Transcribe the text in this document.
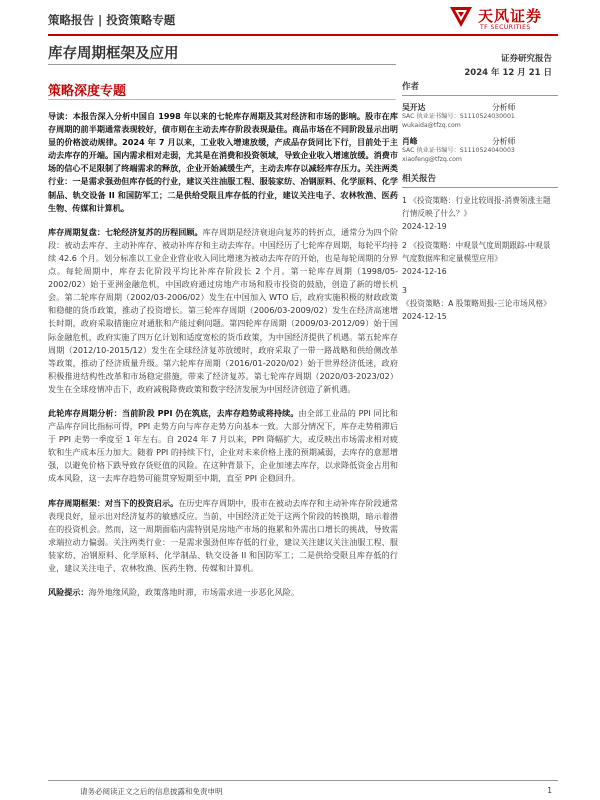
策略报告 | 投资策略专题	天风证券
TF SECURITIES
库存周期框架及应用	证券研究报告
2024 年 12 月 21 日
策略深度专题

导读：本报告深入分析中国自 1998 年以来的七轮库存周期及其对经济和市场的影响。股市在库存周期的前半期通常表现较好，债市则在主动去库存阶段表现最佳。商品市场在不同阶段显示出明显的价格波动规律。2024 年 7 月以来，工业收入增速放缓，产成品存货同比下行，目前处于主动去库存的开端。国内需求相对走弱，尤其是在消费和投资领域，导致企业收入增速放缓。消费市场的信心不足限制了终端需求的释放，企业开始减缓生产，主动去库存以减轻库存压力。关注两类行业：一是需求强劲但库存低的行业，建议关注油服工程、服装家纺、冶钢原料、化学原料、化学制品、轨交设备 II 和国防军工；二是供给受限且库存低的行业，建议关注电子、农林牧渔、医药生物、传媒和计算机。

库存周期复盘：七轮经济复苏的历程回顾。库存周期是经济衰退向复苏的转折点，通常分为四个阶段：被动去库存、主动补库存、被动补库存和主动去库存。中国经历了七轮库存周期，每轮平均持续 42.6 个月。划分标准以工业企业营业收入同比增速为被动去库存的开始，也是每轮周期的分界点。每轮周期中，库存去化阶段平均比补库存阶段长 2 个月。第一轮库存周期（1998/05-2002/02）始于亚洲金融危机，中国政府通过房地产市场和股市投资的鼓励，创造了新的增长机会。第二轮库存周期（2002/03-2006/02）发生在中国加入 WTO 后，政府实施积极的财政政策和稳健的货币政策，推动了投资增长。第三轮库存周期（2006/03-2009/02）发生在经济高速增长时期，政府采取措施应对通胀和产能过剩问题。第四轮库存周期（2009/03-2012/09）始于国际金融危机，政府实施了四万亿计划和适度宽松的货币政策，为中国经济提供了机遇。第五轮库存周期（2012/10-2015/12）发生在全球经济复苏放缓时，政府采取了一带一路战略和供给侧改革等政策，推动了经济质量升级。第六轮库存周期（2016/01-2020/02）始于世界经济低迷，政府积极推进结构性改革和市场稳定措施，带来了经济复苏。第七轮库存周期（2020/03-2023/02）发生在全球疫情冲击下，政府减税降费政策和数字经济发展为中国经济创造了新机遇。

此轮库存周期分析：当前阶段 PPI 仍在筑底，去库存趋势或将持续。由全部工业品的 PPI 同比和产品库存同比指标可得，PPI 走势方向与库存走势方向基本一致。大部分情况下，库存走势稍滞后于 PPI 走势一季度至 1 年左右。自 2024 年 7 月以来，PPI 降幅扩大，或反映出市场需求相对疲软和生产成本压力加大。随着 PPI 的持续下行，企业对未来价格上涨的预期减弱，去库存的意愿增强，以避免价格下跌导致存货贬值的风险。在这种背景下，企业加速去库存，以求降低资金占用和成本风险，这一去库存趋势可能贯穿短期至中期，直至 PPI 企稳回升。

库存周期框架：对当下的投资启示。在历史库存周期中，股市在被动去库存和主动补库存阶段通常表现良好，显示出对经济复苏的敏感反应。当前，中国经济正处于这两个阶段的转换期，暗示着潜在的投资机会。然而，这一周期面临内需特别是房地产市场的拖累和外需出口增长的挑战，导致需求端拉动力偏弱。关注两类行业：一是需求强劲但库存低的行业，建议关注建议关注油服工程、服装家纺、冶钢原料、化学原料、化学制品、轨交设备 II 和国防军工；二是供给受限且库存低的行业，建议关注电子、农林牧渔、医药生物、传媒和计算机。

风险提示：海外地缘风险，政策落地时滞，市场需求进一步恶化风险。

作者
吴开达	分析师
SAC 执业证书编号：S1110524030001
wukaida@tfzq.com
肖峰	分析师
SAC 执业证书编号：S1110524040003
xiaofeng@tfzq.com
相关报告
1 《投资策略：行业比较周报-消费领涨主题行情反映了什么？》
2024-12-19
2 《投资策略：中观景气度周期跟踪-中观景气度数据库和定量模型应用》
2024-12-16
3 《投资策略：A 股策略周报-三论市场风格》
2024-12-15
请务必阅读正文之后的信息披露和免责申明	1
